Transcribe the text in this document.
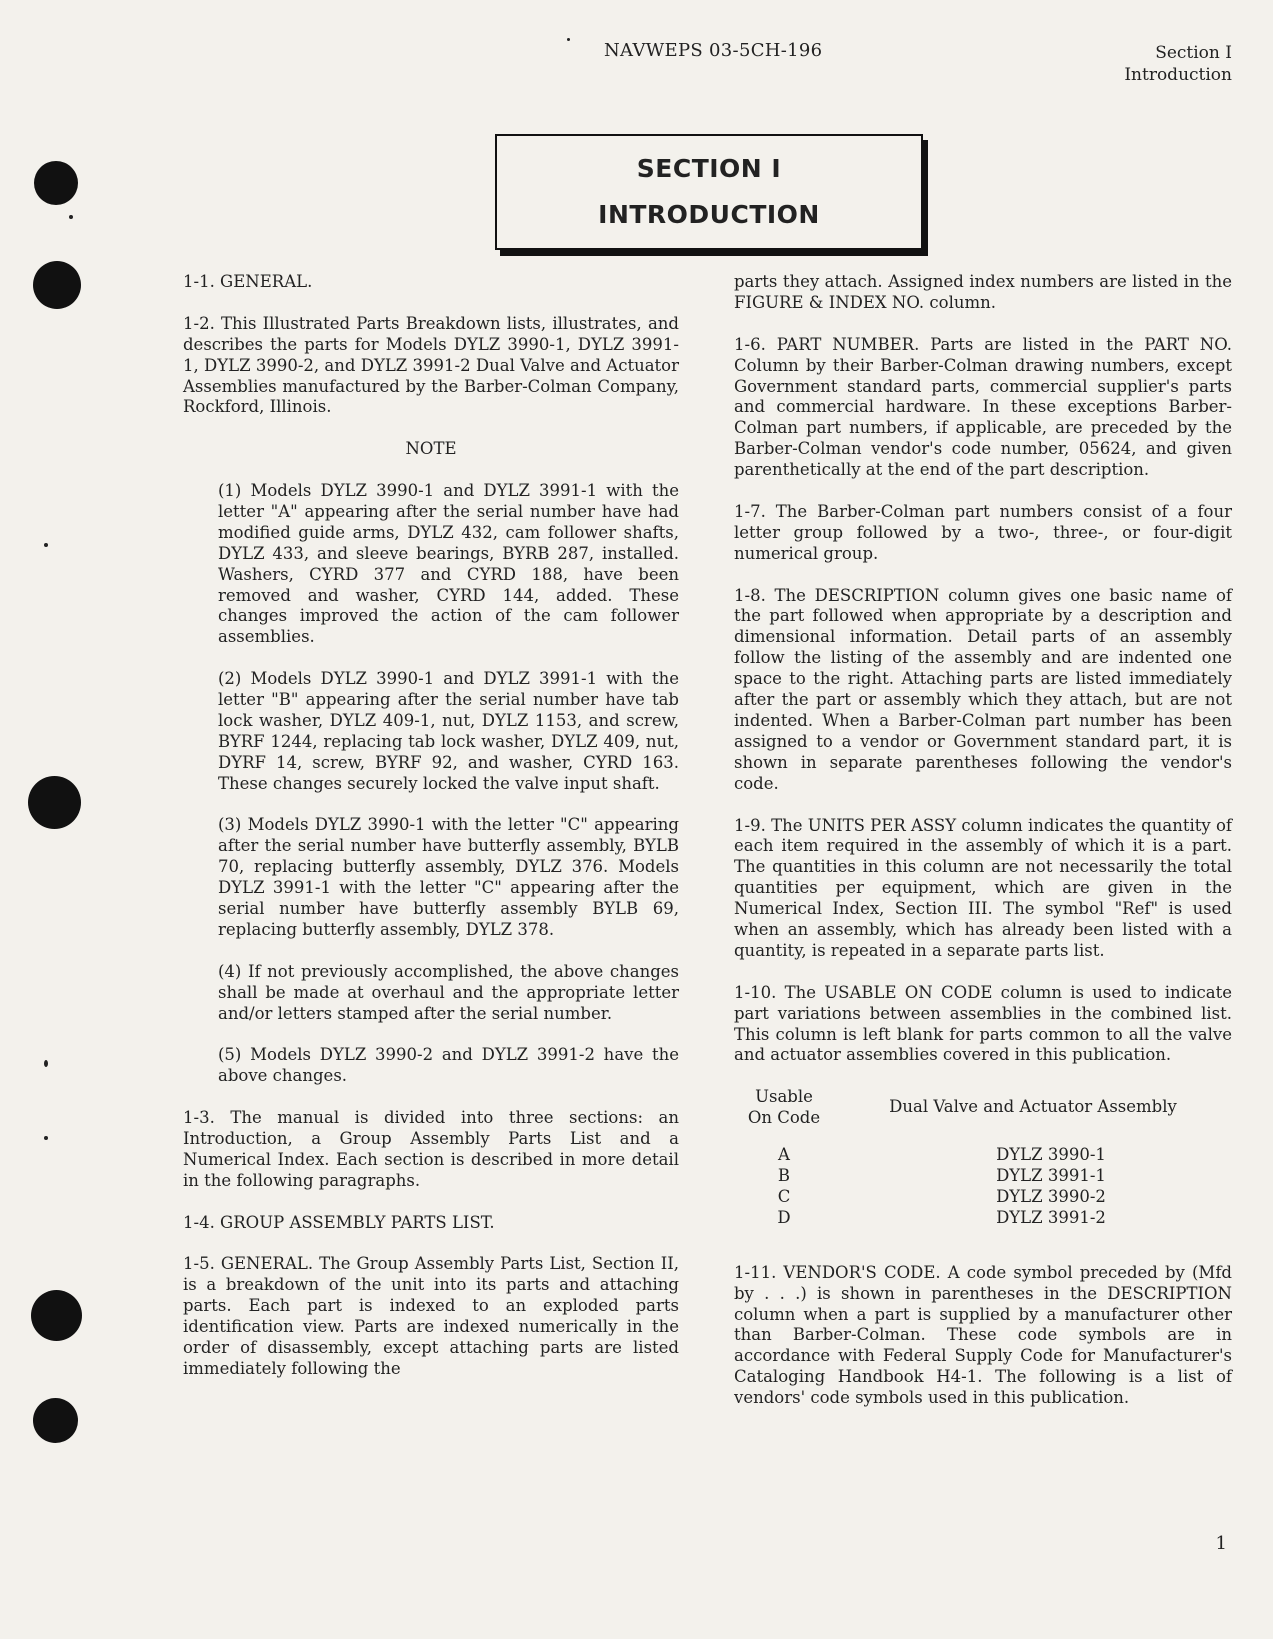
NAVWEPS 03-5CH-196	Section I
Introduction
SECTION I
INTRODUCTION

1-1. GENERAL.

1-2. This Illustrated Parts Breakdown lists, illustrates, and describes the parts for Models DYLZ 3990-1, DYLZ 3991-1, DYLZ 3990-2, and DYLZ 3991-2 Dual Valve and Actuator Assemblies manufactured by the Barber-Colman Company, Rockford, Illinois.

NOTE

(1) Models DYLZ 3990-1 and DYLZ 3991-1 with the letter "A" appearing after the serial number have had modified guide arms, DYLZ 432, cam follower shafts, DYLZ 433, and sleeve bearings, BYRB 287, installed. Washers, CYRD 377 and CYRD 188, have been removed and washer, CYRD 144, added. These changes improved the action of the cam follower assemblies.

(2) Models DYLZ 3990-1 and DYLZ 3991-1 with the letter "B" appearing after the serial number have tab lock washer, DYLZ 409-1, nut, DYLZ 1153, and screw, BYRF 1244, replacing tab lock washer, DYLZ 409, nut, DYRF 14, screw, BYRF 92, and washer, CYRD 163. These changes securely locked the valve input shaft.

(3) Models DYLZ 3990-1 with the letter "C" appearing after the serial number have butterfly assembly, BYLB 70, replacing butterfly assembly, DYLZ 376. Models DYLZ 3991-1 with the letter "C" appearing after the serial number have butterfly assembly BYLB 69, replacing butterfly assembly, DYLZ 378.

(4) If not previously accomplished, the above changes shall be made at overhaul and the appropriate letter and/or letters stamped after the serial number.

(5) Models DYLZ 3990-2 and DYLZ 3991-2 have the above changes.

1-3. The manual is divided into three sections: an Introduction, a Group Assembly Parts List and a Numerical Index. Each section is described in more detail in the following paragraphs.

1-4. GROUP ASSEMBLY PARTS LIST.

1-5. GENERAL. The Group Assembly Parts List, Section II, is a breakdown of the unit into its parts and attaching parts. Each part is indexed to an exploded parts identification view. Parts are indexed numerically in the order of disassembly, except attaching parts are listed immediately following the

parts they attach. Assigned index numbers are listed in the FIGURE & INDEX NO. column.

1-6. PART NUMBER. Parts are listed in the PART NO. Column by their Barber-Colman drawing numbers, except Government standard parts, commercial supplier's parts and commercial hardware. In these exceptions Barber-Colman part numbers, if applicable, are preceded by the Barber-Colman vendor's code number, 05624, and given parenthetically at the end of the part description.

1-7. The Barber-Colman part numbers consist of a four letter group followed by a two-, three-, or four-digit numerical group.

1-8. The DESCRIPTION column gives one basic name of the part followed when appropriate by a description and dimensional information. Detail parts of an assembly follow the listing of the assembly and are indented one space to the right. Attaching parts are listed immediately after the part or assembly which they attach, but are not indented. When a Barber-Colman part number has been assigned to a vendor or Government standard part, it is shown in separate parentheses following the vendor's code.

1-9. The UNITS PER ASSY column indicates the quantity of each item required in the assembly of which it is a part. The quantities in this column are not necessarily the total quantities per equipment, which are given in the Numerical Index, Section III. The symbol "Ref" is used when an assembly, which has already been listed with a quantity, is repeated in a separate parts list.

1-10. The USABLE ON CODE column is used to indicate part variations between assemblies in the combined list. This column is left blank for parts common to all the valve and actuator assemblies covered in this publication.

Usable
On Code
Dual Valve and Actuator Assembly
A	DYLZ 3990-1
B	DYLZ 3991-1
C	DYLZ 3990-2
D	DYLZ 3991-2

1-11. VENDOR'S CODE. A code symbol preceded by (Mfd by . . .) is shown in parentheses in the DESCRIPTION column when a part is supplied by a manufacturer other than Barber-Colman. These code symbols are in accordance with Federal Supply Code for Manufacturer's Cataloging Handbook H4-1. The following is a list of vendors' code symbols used in this publication.

1
